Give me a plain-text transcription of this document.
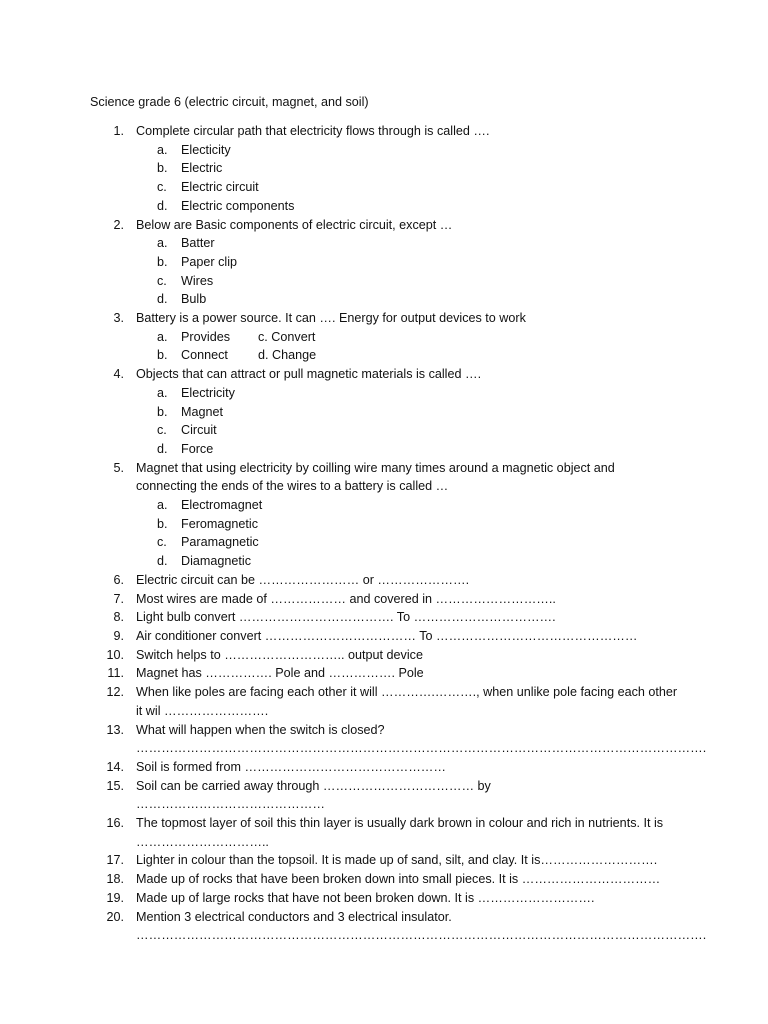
Science grade 6 (electric circuit, magnet, and soil)
1. Complete circular path that electricity flows through is called ….
a. Electicity
b. Electric
c. Electric circuit
d. Electric components
2. Below are Basic components of electric circuit, except …
a. Batter
b. Paper clip
c. Wires
d. Bulb
3. Battery is a power source. It can …. Energy for output devices to work
a. Provides c. Convert
b. Connect d. Change
4. Objects that can attract or pull magnetic materials is called ….
a. Electricity
b. Magnet
c. Circuit
d. Force
5. Magnet that using electricity by coilling wire many times around a magnetic object and connecting the ends of the wires to a battery is called …
a. Electromagnet
b. Feromagnetic
c. Paramagnetic
d. Diamagnetic
6. Electric circuit can be …………………… or ………………….
7. Most wires are made of ……………… and covered in ………………………..
8. Light bulb convert ………………………………. To …………………………….
9. Air conditioner convert ……………………………… To …………………………………………
10. Switch helps to ……………………….. output device
11. Magnet has ……………. Pole and ……………. Pole
12. When like poles are facing each other it will ………….………., when unlike pole facing each other it wil …………………….
13. What will happen when the switch is closed? ……………………………………………………………………………………………………………………….
14. Soil is formed from …………………………………………
15. Soil can be carried away through ……………………………… by ………………………………………
16. The topmost layer of soil this thin layer is usually dark brown in colour and rich in nutrients. It is …………………………..
17. Lighter in colour than the topsoil. It is made up of sand, silt, and clay. It is……………………….
18. Made up of rocks that have been broken down into small pieces. It is ……………………………
19. Made up of large rocks that have not been broken down. It is ……………………….
20. Mention 3 electrical conductors and 3 electrical insulator. ……………………………………………………………………………………………………………………….
